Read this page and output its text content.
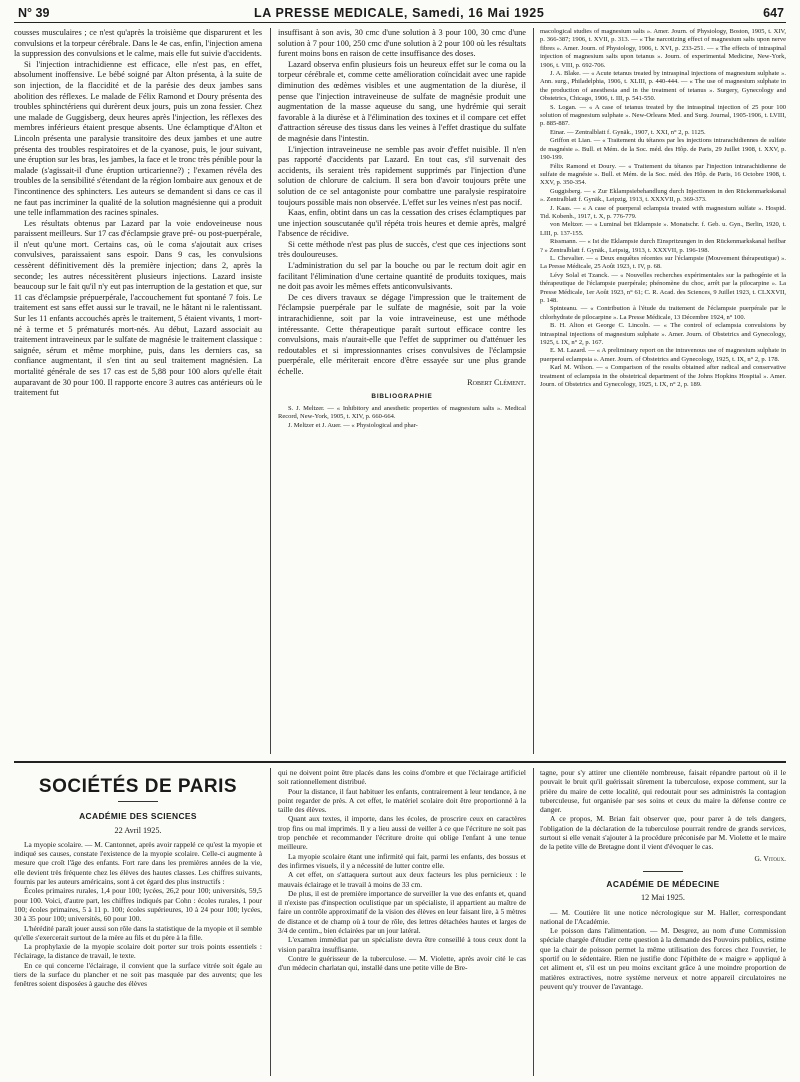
N° 39	LA PRESSE MEDICALE, Samedi, 16 Mai 1925	647

cousses musculaires ; ce n'est qu'après la troisième que disparurent et les convulsions et la torpeur cérébrale. Dans le 4e cas, enfin, l'injection amena la suppression des convulsions et le calme, mais elle fut suivie d'accidents.

Si l'injection intrachidienne est efficace, elle n'est pas, en effet, absolument inoffensive. Le bébé soigné par Alton présenta, à la suite de son injection, de la flaccidité et de la parésie des deux jambes sans abolition des réflexes. Le malade de Félix Ramond et Doury présenta des troubles sphinctériens qui durèrent deux jours, puis un zona fessier. Chez une malade de Guggisberg, deux heures après l'injection, les réflexes des membres inférieurs étaient presque absents. Une éclamptique d'Alton et Lincoln présenta une paralysie transitoire des deux jambes et une autre présenta des troubles respiratoires et de la cyanose, puis, le jour suivant, une éruption sur les bras, les jambes, la face et le tronc très pénible pour la malade (s'agissait-il d'une éruption urticarienne?) ; l'examen révéla des troubles de la sensibilité s'étendant de la région lombaire aux genoux et de l'incontinence des sphincters. Les auteurs se demandent si dans ce cas il ne faut pas incriminer la qualité de la solution magnésienne qui a produit une telle inflammation des racines spinales.

Les résultats obtenus par Lazard par la voie endoveineuse nous paraissent meilleurs. Sur 17 cas d'éclampsie grave pré- ou post-puerpérale, il n'eut qu'une mort. Certains cas, où le coma s'ajoutait aux crises convulsives, paraissaient sans espoir. Dans 9 cas, les convulsions cessèrent définitivement dès la première injection; dans 2, après la seconde; les autres nécessitèrent plusieurs injections. Lazard insiste beaucoup sur le fait qu'il n'y eut pas interruption de la gestation et que, sur 11 cas d'éclampsie prépuerpérale, l'accouchement fut spontané 7 fois. Le traitement est sans effet aussi sur le travail, ne le hâtant ni le ralentissant. Sur les 11 enfants accouchés après le traitement, 5 étaient vivants, 1 mort-né à terme et 5 prématurés mort-nés. Au début, Lazard associait au traitement intraveineux par le sulfate de magnésie le traitement classique : saignée, sérum et même morphine, puis, dans les derniers cas, sa confiance augmentant, il s'en tint au seul traitement magnésien. La mortalité générale de ses 17 cas est de 5,88 pour 100 alors qu'elle était auparavant de 30 pour 100. Il rapporte encore 3 autres cas antérieurs où le traitement fut

insuffisant à son avis, 30 cmc d'une solution à 3 pour 100, 30 cmc d'une solution à 7 pour 100, 250 cmc d'une solution à 2 pour 100 où les résultats furent moins bons en raison de cette insuffisance des doses.

Lazard observa enfin plusieurs fois un heureux effet sur le coma ou la torpeur cérébrale et, comme cette amélioration coïncidait avec une rapide diminution des œdèmes visibles et une augmentation de la diurèse, il pense que l'injection intraveineuse de sulfate de magnésie produit une augmentation de la masse aqueuse du sang, une hydrémie qui serait favorable à la diurèse et à l'élimination des toxines et il compare cet effet d'attraction séreuse des tissus dans les veines à l'effet drastique du sulfate de magnésie dans l'intestin.

L'injection intraveineuse ne semble pas avoir d'effet nuisible. Il n'en pas rapporté d'accidents par Lazard. En tout cas, s'il survenait des accidents, ils seraient très rapidement supprimés par l'injection d'une solution de chlorure de calcium. Il sera bon d'avoir toujours prête une solution de ce sel antagoniste pour combattre une paralysie respiratoire toujours possible mais non observée. L'effet sur les veines n'est pas nocif.

Kaas, enfin, obtint dans un cas la cessation des crises éclamptiques par une injection souscutanée qu'il répéta trois heures et demie après, malgré l'absence de récidive.

Si cette méthode n'est pas plus de succès, c'est que ces injections sont très douloureuses.

L'administration du sel par la bouche ou par le rectum doit agir en facilitant l'élimination d'une certaine quantité de produits toxiques, mais ne doit pas avoir les mêmes effets anticonvulsivants.

De ces divers travaux se dégage l'impression que le traitement de l'éclampsie puerpérale par le sulfate de magnésie, soit par la voie intrarachidienne, soit par la voie intraveineuse, est une méthode intéressante. Cette thérapeutique paraît surtout efficace contre les convulsions, mais n'aurait-elle que l'effet de supprimer ou d'atténuer les redoutables et si impressionnantes crises convulsives de l'éclampsie puerpérale, elle mériterait encore d'être essayée sur une plus grande échelle.

Robert Clément.
BIBLIOGRAPHIE

S. J. Meltzer. — « Inhibitory and anesthetic properties of magnesium salts ». Medical Record, New-York, 1905, t. XIV, p. 660-664.

J. Meltzer et J. Auer. — « Physiological and phar-

macological studies of magnesium salts ». Amer. Journ. of Physiology, Boston, 1905, t. XIV, p. 366-387; 1906, t. XVII, p. 313. — « The narcotizing effect of magnesium salts upon nerve fibres ». Amer. Journ. of Physiology, 1906, t. XVI, p. 233-251. — « The effects of intraspinal injection of magnesium salts upon tetanus ». Journ. of experimental Medicine, New-York, 1906, t. VIII, p. 692-706.

J. A. Blake. — « Acute tetanus treated by intraspinal injections of magnesium sulphate ». Ann. surg., Philadelphia, 1906, t. XLIII, p. 440-444. — « The use of magnesium sulphate in the production of anesthesia and in the treatment of tetanus ». Surgery, Gynecology and Obstetrics, Chicago, 1906, t. III, p. 541-550.

S. Logan. — « A case of tetanus treated by the intraspinal injection of 25 pour 100 solution of magnesium sulphate ». New-Orleans Med. and Surg. Journal, 1905-1906, t. LVIII, p. 885-887.

Einar. — Zentralblatt f. Gynäk., 1907, t. XXI, n° 2, p. 1125.

Griffon et Lian. — « Traitement du tétanos par les injections intrarachidiennes de sulfate de magnésie ». Bull. et Mém. de la Soc. méd. des Hôp. de Paris, 29 Juillet 1908, t. XXV, p. 190-199.

Félix Ramond et Doury. — « Traitement du tétanos par l'injection intrarachidienne de sulfate de magnésie ». Bull. et Mém. de la Soc. méd. des Hôp. de Paris, 16 Octobre 1908, t. XXV, p. 350-354.

Guggisberg. — « Zur Eklampsiebehandlung durch Injectionen in den Rückenmarkskanal ». Zentralblatt f. Gynäk., Leipzig, 1913, t. XXXVII, p. 369-373.

J. Kaas. — « A case of puerperal eclampsia treated with magnesium sulfate ». Hospid. Tid. Kobenh., 1917, t. X, p. 776-779.

von Meltzer. — « Luminal bei Eklampsie ». Monatschr. f. Geb. u. Gyn., Berlin, 1920, t. LIII, p. 137-155.

Rissmann. — « Ist die Eklampsie durch Einspritzungen in den Rückenmarkskanal heilbar ? » Zentralblatt f. Gynäk., Leipsig, 1913, t. XXXVII, p. 196-198.

L. Chevalier. — « Deux enquêtes récentes sur l'éclampsie (Mouvement thérapeutique) ». La Presse Médicale, 25 Août 1923, t. IV, p. 68.

Lévy Solal et Tzanck. — « Nouvelles recherches expérimentales sur la pathogénie et la thérapeutique de l'éclampsie puerpérale; phénomène du choc, arrêt par la pilocarpine ». La Presse Médicale, 1er Août 1923, n° 61; C. R. Acad. des Sciences, 9 Juillet 1923, t. CLXXVII, p. 148.

Spinteanu. — « Contribution à l'étude du traitement de l'éclampsie puerpérale par le chlorhydrate de pilocarpine ». La Presse Médicale, 13 Décembre 1924, n° 100.

B. H. Alton et George C. Lincoln. — « The control of eclampsia convulsions by intraspinal injections of magnesium sulphate ». Amer. Journ. of Obstetrics and Gynecology, 1925, t. IX, n° 2, p. 167.

E. M. Lazard. — « A preliminary report on the intravenous use of magnesium sulphate in puerperal eclampsia ». Amer. Journ. of Obstetrics and Gynecology, 1925, t. IX, n° 2, p. 178.

Karl M. Wilson. — « Comparison of the results obtained after radical and conservative treatment of eclampsia in the obstetrical department of the Johns Hopkins Hospital ». Amer. Journ. of Obstetrics and Gynecology, 1925, t. IX, n° 2, p. 189.

SOCIÉTÉS DE PARIS
ACADÉMIE DES SCIENCES
22 Avril 1925.

La myopie scolaire. — M. Cantonnet, après avoir rappelé ce qu'est la myopie et indiqué ses causes, constate l'existence de la myopie scolaire. Celle-ci augmente à mesure que croît l'âge des enfants. Fort rare dans les premières années de la vie, elle devient très fréquente chez les élèves des hautes classes. Les chiffres suivants, fournis par les auteurs américains, sont à cet égard des plus instructifs :

Écoles primaires rurales, 1,4 pour 100; lycées, 26,2 pour 100; universités, 59,5 pour 100. Voici, d'autre part, les chiffres indiqués par Cohn : écoles rurales, 1 pour 100; écoles primaires, 5 à 11 p. 100; écoles supérieures, 10 à 24 pour 100; lycées, 30 à 35 pour 100; universités, 60 pour 100.

L'hérédité paraît jouer aussi son rôle dans la statistique de la myopie et il semble qu'elle s'exercerait surtout de la mère au fils et du père à la fille.

La prophylaxie de la myopie scolaire doit porter sur trois points essentiels : l'éclairage, la distance de travail, le texte.

En ce qui concerne l'éclairage, il convient que la surface vitrée soit égale au tiers de la surface du plancher et ne soit pas masquée par des auvents; que les fenêtres soient disposées à gauche des élèves

qui ne doivent point être placés dans les coins d'ombre et que l'éclairage artificiel soit rationnellement distribué.

Pour la distance, il faut habituer les enfants, contrairement à leur tendance, à ne point regarder de près. A cet effet, le matériel scolaire doit être proportionné à la taille des élèves.

Quant aux textes, il importe, dans les écoles, de proscrire ceux en caractères trop fins ou mal imprimés. Il y a lieu aussi de veiller à ce que l'écriture ne soit pas trop penchée et recommander l'écriture droite qui oblige l'enfant à une tenue meilleure.

La myopie scolaire étant une infirmité qui fait, parmi les enfants, des bossus et des infirmes visuels, il y a nécessité de lutter contre elle.

A cet effet, on s'attaquera surtout aux deux facteurs les plus pernicieux : le mauvais éclairage et le travail à moins de 33 cm.

De plus, il est de première importance de surveiller la vue des enfants et, quand il n'existe pas d'inspection oculistique par un spécialiste, il appartient au maître de faire un contrôle approximatif de la vision des élèves en leur faisant lire, à 5 mètres de distance et de champ où à tour de rôle, des lettres détachées hautes et larges de 3/4 de centim., bien éclairées par un jour latéral.

L'examen immédiat par un spécialiste devra être conseillé à tous ceux dont la vision paraîtra insuffisante.

Contre le guérisseur de la tuberculose. — M. Violette, après avoir cité le cas d'un médecin charlatan qui, installé dans une petite ville de Bre-

tagne, pour s'y attirer une clientèle nombreuse, faisait répandre partout où il le pouvait le bruit qu'il guérissait sûrement la tuberculose, expose comment, sur la prière du maire de cette localité, qui redoutait pour ses administrés la contagion tuberculeuse, fut organisée par ses soins et ceux du maire la défense contre ce danger.

A ce propos, M. Brian fait observer que, pour parer à de tels dangers, l'obligation de la déclaration de la tuberculose pourrait rendre de grands services, surtout si elle venait s'ajouter à la procédure préconisée par M. Violette et le maire de la petite ville de Bretagne dont il vient d'évoquer le cas.

G. Vitoux.
ACADÉMIE DE MÉDECINE
12 Mai 1925.

— M. Coutière lit une notice nécrologique sur M. Haller, correspondant national de l'Académie.

Le poisson dans l'alimentation. — M. Desgrez, au nom d'une Commission spéciale chargée d'étudier cette question à la demande des Pouvoirs publics, estime que la chair de poisson permet la même utilisation des forces chez l'ouvrier, le sportif ou le sédentaire. Rien ne justifie donc l'épithète de « maigre » appliqué à cet aliment et, s'il est un peu moins excitant grâce à une moindre proportion de matières extractives, notre système nerveux et notre appareil circulatoires ne peuvent qu'y trouver de l'avantage.
